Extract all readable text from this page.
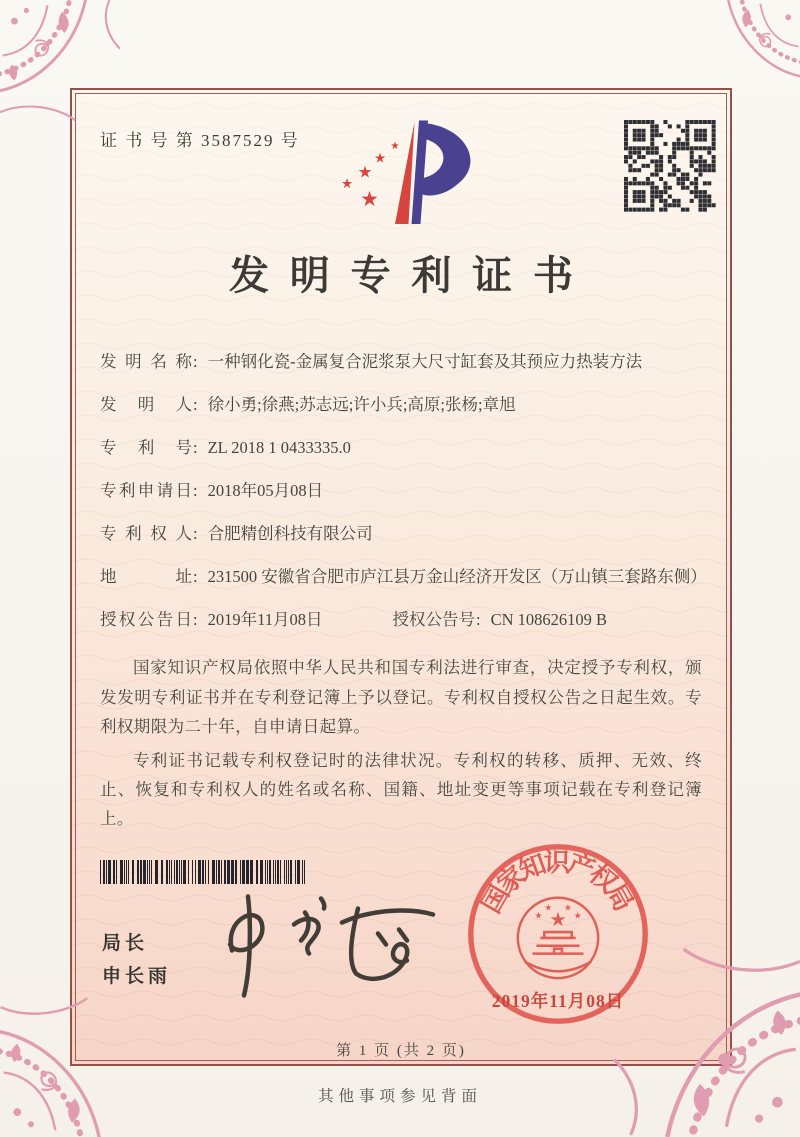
证 书 号 第 3587529 号	★
★
★
★
★
发明专利证书
发明名称 : 一种钢化瓷-金属复合泥浆泵大尺寸缸套及其预应力热装方法
发明人 : 徐小勇;徐燕;苏志远;许小兵;高原;张杨;章旭
专利号 : ZL 2018 1 0433335.0
专利申请日 : 2018年05月08日
专利权人 : 合肥精创科技有限公司
地址 : 231500 安徽省合肥市庐江县万金山经济开发区（万山镇三套路东侧）
授权公告日 : 2019年11月08日	授权公告号 : CN 108626109 B

国家知识产权局依照中华人民共和国专利法进行审查，决定授予专利权，颁发发明专利证书并在专利登记簿上予以登记。专利权自授权公告之日起生效。专利权期限为二十年，自申请日起算。

专利证书记载专利权登记时的法律状况。专利权的转移、质押、无效、终止、恢复和专利权人的姓名或名称、国籍、地址变更等事项记载在专利登记簿上。

局长
申长雨
国家知识产权局
★
★
★ ★
★
2019年11月08日
第 1 页 (共 2 页)
其他事项参见背面
